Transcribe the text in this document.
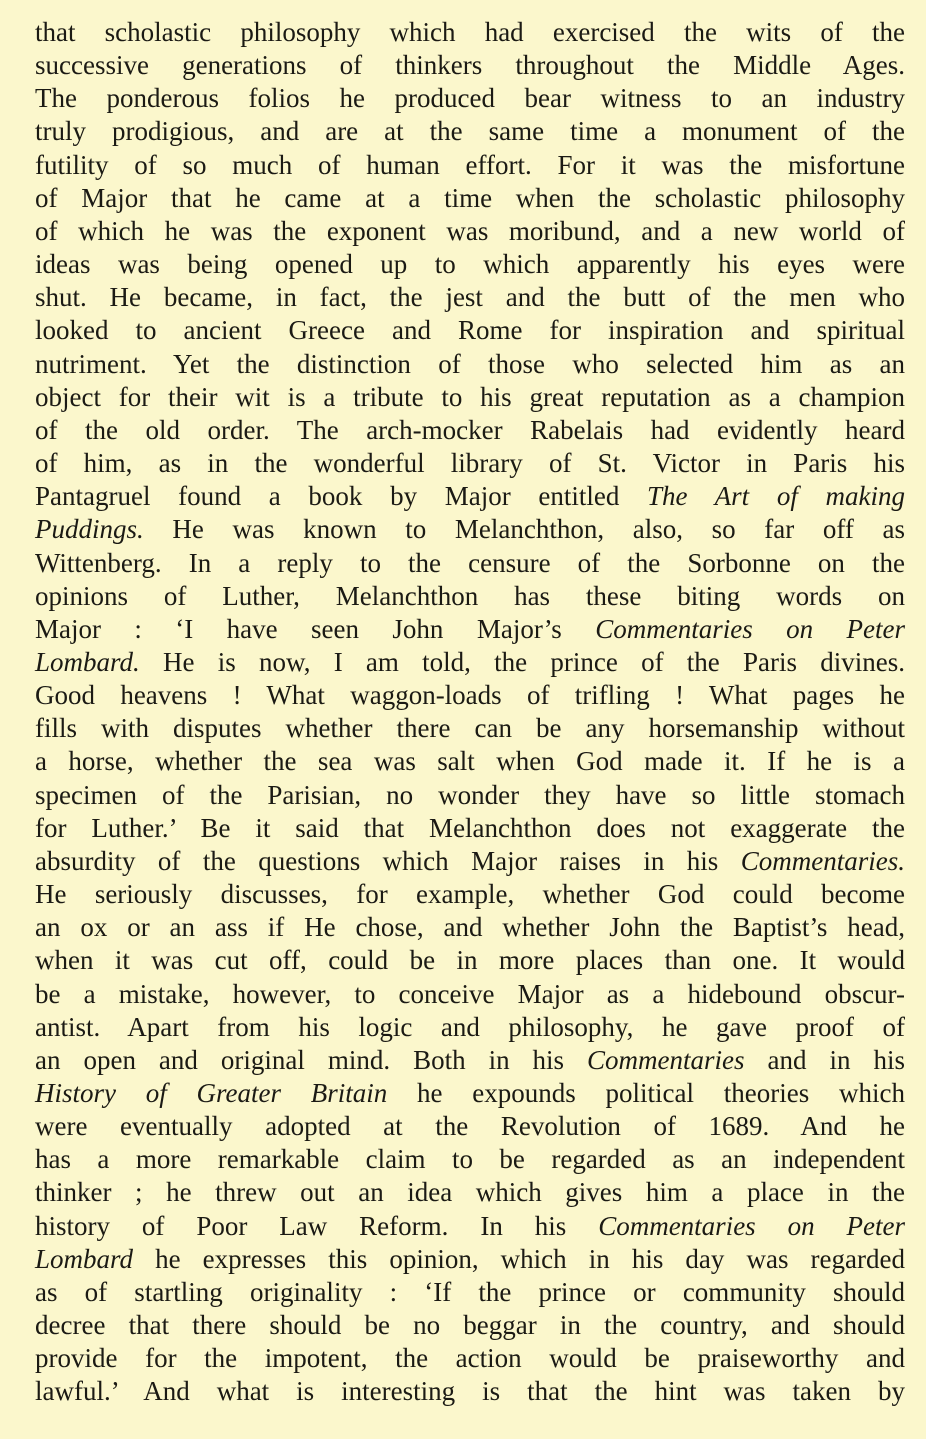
that scholastic philosophy which had exercised the wits of the
successive generations of thinkers throughout the Middle Ages.
The ponderous folios he produced bear witness to an industry
truly prodigious, and are at the same time a monument of the
futility of so much of human effort. For it was the misfortune
of Major that he came at a time when the scholastic philosophy
of which he was the exponent was moribund, and a new world of
ideas was being opened up to which apparently his eyes were
shut. He became, in fact, the jest and the butt of the men who
looked to ancient Greece and Rome for inspiration and spiritual
nutriment. Yet the distinction of those who selected him as an
object for their wit is a tribute to his great reputation as a champion
of the old order. The arch-mocker Rabelais had evidently heard
of him, as in the wonderful library of St. Victor in Paris his
Pantagruel found a book by Major entitled The Art of making
Puddings. He was known to Melanchthon, also, so far off as
Wittenberg. In a reply to the censure of the Sorbonne on the
opinions of Luther, Melanchthon has these biting words on
Major : ‘I have seen John Major’s Commentaries on Peter
Lombard. He is now, I am told, the prince of the Paris divines.
Good heavens ! What waggon-loads of trifling ! What pages he
fills with disputes whether there can be any horsemanship without
a horse, whether the sea was salt when God made it. If he is a
specimen of the Parisian, no wonder they have so little stomach
for Luther.’ Be it said that Melanchthon does not exaggerate the
absurdity of the questions which Major raises in his Commentaries.
He seriously discusses, for example, whether God could become
an ox or an ass if He chose, and whether John the Baptist’s head,
when it was cut off, could be in more places than one. It would
be a mistake, however, to conceive Major as a hidebound obscur-
antist. Apart from his logic and philosophy, he gave proof of
an open and original mind. Both in his Commentaries and in his
History of Greater Britain he expounds political theories which
were eventually adopted at the Revolution of 1689. And he
has a more remarkable claim to be regarded as an independent
thinker ; he threw out an idea which gives him a place in the
history of Poor Law Reform. In his Commentaries on Peter
Lombard he expresses this opinion, which in his day was regarded
as of startling originality : ‘If the prince or community should
decree that there should be no beggar in the country, and should
provide for the impotent, the action would be praiseworthy and
lawful.’ And what is interesting is that the hint was taken by
